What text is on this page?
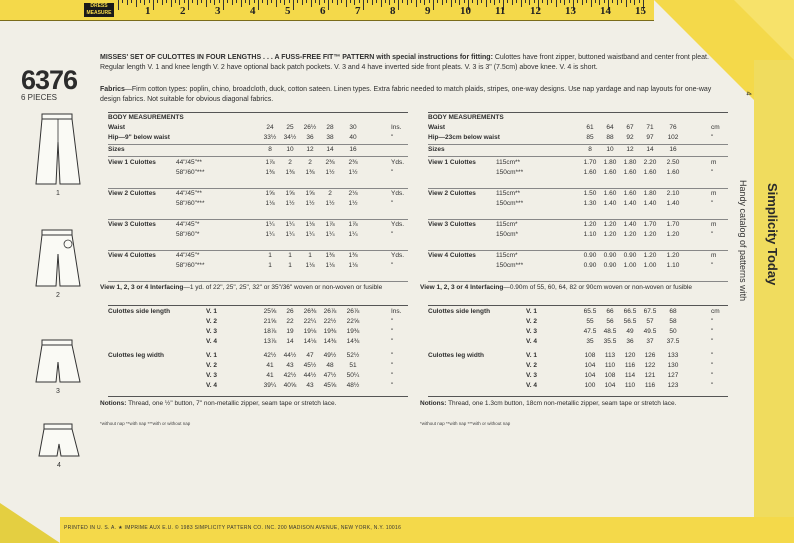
DRESS MEASURE	1	2	3	4	5	6	7	8	9	10 11 12 13 14 15
PRINTED IN U. S. A. ★ IMPRIME AUX E.U. © 1983 SIMPLICITY PATTERN CO. INC. 200 MADISON AVENUE, NEW YORK, N.Y. 10016
6376
6 PIECES
1
2
3
4
MISSES' SET OF CULOTTES IN FOUR LENGTHS . . . A FUSS-FREE FIT™ PATTERN with special instructions for fitting: Culottes have front zipper, buttoned waistband and center front pleat. Regular length V. 1 and knee length V. 2 have optional back patch pockets. V. 3 and 4 have inverted side front pleats. V. 3 is 3" (7.5cm) above knee. V. 4 is short.
Fabrics—Firm cotton types: poplin, chino, broadcloth, duck, cotton sateen. Linen types. Extra fabric needed to match plaids, stripes, one-way designs. Use nap yardage and nap layouts for one-way design fabrics. Not suitable for obvious diagonal fabrics.
BODY MEASUREMENTS
Waist	24	25	26½	28	30	Ins.
Hip—9" below waist	33½	34½	36	38	40	"
Sizes	8	10	12	14	16
View 1 Culottes	44"/45"**	1⅞	2	2	2⅜	2⅜	Yds.
58"/60"***	1⅜	1⅜	1⅜	1½	1½	"
View 2 Culottes	44"/45"**	1⅝	1⅝	1⅝	2	2⅛	Yds.
58"/60"***	1⅛	1½	1½	1½	1½	"
View 3 Culottes	44"/45"*	1¼	1¼	1⅛	1⅞	1⅞	Yds.
58"/60"*	1¼	1¼	1¼	1¼	1¼	"
View 4 Culottes	44"/45"*	1	1	1	1⅜	1⅜	Yds.
58"/60"***	1	1	1⅛	1⅛	1⅛	"
View 1, 2, 3 or 4 Interfacing—1 yd. of 22", 25", 25", 32" or 35"/36" woven or non-woven or fusible
Culottes side length	V. 1	25⅝	26	26⅜	26⅞	26⅞	Ins.
V. 2	21⅝	22	22¼	22½	22⅝	"
V. 3	18⅞	19	19⅛	19⅜	19⅜	"
V. 4	13⅞	14	14⅛	14⅜	14⅜	"
Culottes leg width	V. 1	42½	44½	47	49½	52½	"
V. 2	41	43	45½	48	51	"
V. 3	41	42½	44½	47½	50¼	"
V. 4	39¼	40⅝	43	45⅝	48½	"
Notions: Thread, one ½" button, 7" non-metallic zipper, seam tape or stretch lace.
*without nap **with nap ***with or without nap
BODY MEASUREMENTS
Waist	61	64	67	71	76	cm
Hip—23cm below waist	85	88	92	97	102	"
Sizes	8	10	12	14	16
View 1 Culottes	115cm**	1.70	1.80	1.80	2.20	2.50	m
150cm***	1.60	1.60	1.60	1.60	1.60	"
View 2 Culottes	115cm**	1.50	1.60	1.60	1.80	2.10	m
150cm***	1.30	1.40	1.40	1.40	1.40	"
View 3 Culottes	115cm*	1.20	1.20	1.40	1.70	1.70	m
150cm*	1.10	1.20	1.20	1.20	1.20	"
View 4 Culottes	115cm*	0.90	0.90	0.90	1.20	1.20	m
150cm***	0.90	0.90	1.00	1.00	1.10	"
View 1, 2, 3 or 4 Interfacing—0.90m of 55, 60, 64, 82 or 90cm woven or non-woven or fusible
Culottes side length	V. 1	65.5	66	66.5	67.5	68	cm
V. 2	55	56	56.5	57	58	"
V. 3	47.5	48.5	49	49.5	50	"
V. 4	35	35.5	36	37	37.5	"
Culottes leg width	V. 1	108	113	120	126	133	"
V. 2	104	110	116	122	130	"
V. 3	104	108	114	121	127	"
V. 4	100	104	110	116	123	"
Notions: Thread, one 1.3cm button, 18cm non-metallic zipper, seam tape or stretch lace.
*without nap **with nap ***with or without nap
4
Simplicity Today
Handy catalog of patterns with
